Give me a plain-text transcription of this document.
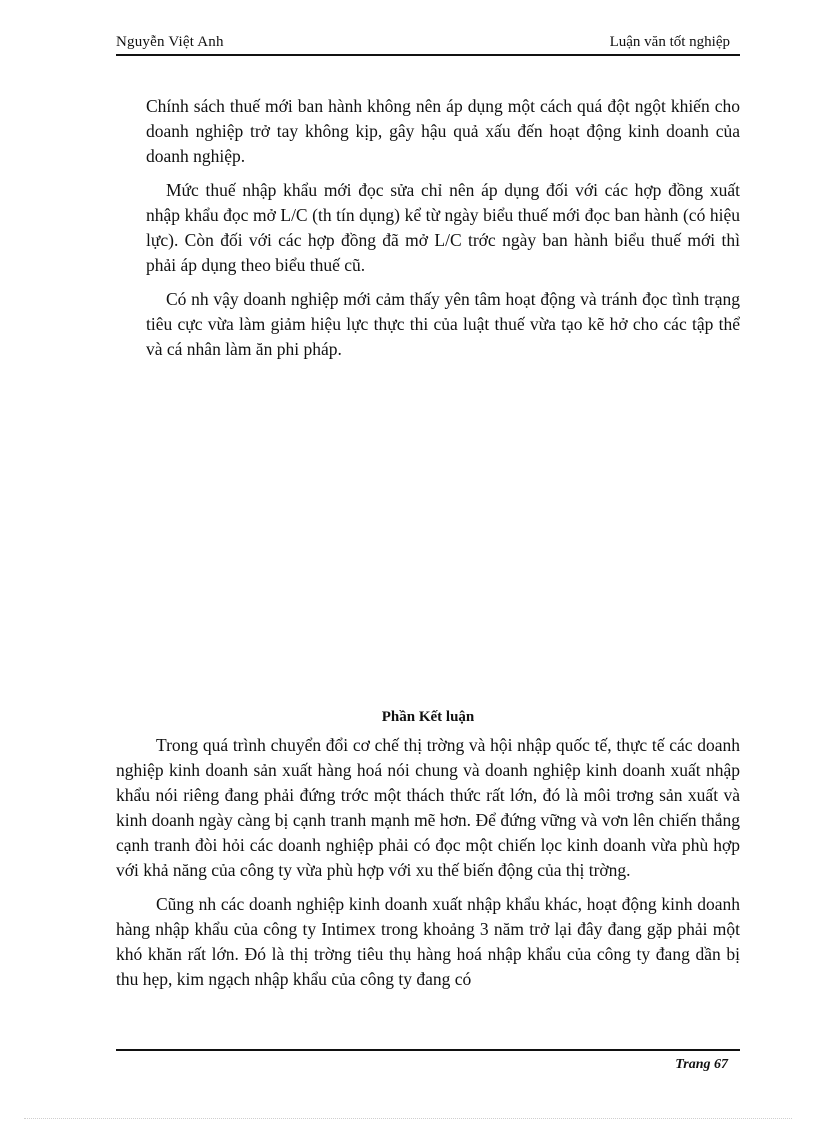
Nguyễn Việt Anh	Luận văn tốt nghiệp

Chính sách thuế mới ban hành không nên áp dụng một cách quá đột ngột khiến cho doanh nghiệp trở tay không kịp, gây hậu quả xấu đến hoạt động kinh doanh của doanh nghiệp.

Mức thuế nhập khẩu mới đọc sửa chỉ nên áp dụng đối với các hợp đồng xuất nhập khẩu đọc mở L/C (th tín dụng) kể từ ngày biểu thuế mới đọc ban hành (có hiệu lực). Còn đối với các hợp đồng đã mở L/C trớc ngày ban hành biểu thuế mới thì phải áp dụng theo biểu thuế cũ.

Có nh vậy doanh nghiệp mới cảm thấy yên tâm hoạt động và tránh đọc tình trạng tiêu cực vừa làm giảm hiệu lực thực thi của luật thuế vừa tạo kẽ hở cho các tập thể và cá nhân làm ăn phi pháp.

Phần Kết luận

Trong quá trình chuyển đổi cơ chế thị trờng và hội nhập quốc tế, thực tế các doanh nghiệp kinh doanh sản xuất hàng hoá nói chung và doanh nghiệp kinh doanh xuất nhập khẩu nói riêng đang phải đứng trớc một thách thức rất lớn, đó là môi trơng sản xuất và kinh doanh ngày càng bị cạnh tranh mạnh mẽ hơn. Để đứng vững và vơn lên chiến thắng cạnh tranh đòi hỏi các doanh nghiệp phải có đọc một chiến lọc kinh doanh vừa phù hợp với khả năng của công ty vừa phù hợp với xu thế biến động của thị trờng.

Cũng nh các doanh nghiệp kinh doanh xuất nhập khẩu khác, hoạt động kinh doanh hàng nhập khẩu của công ty Intimex trong khoảng 3 năm trở lại đây đang gặp phải một khó khăn rất lớn. Đó là thị trờng tiêu thụ hàng hoá nhập khẩu của công ty đang dần bị thu hẹp, kim ngạch nhập khẩu của công ty đang có

Trang 67
